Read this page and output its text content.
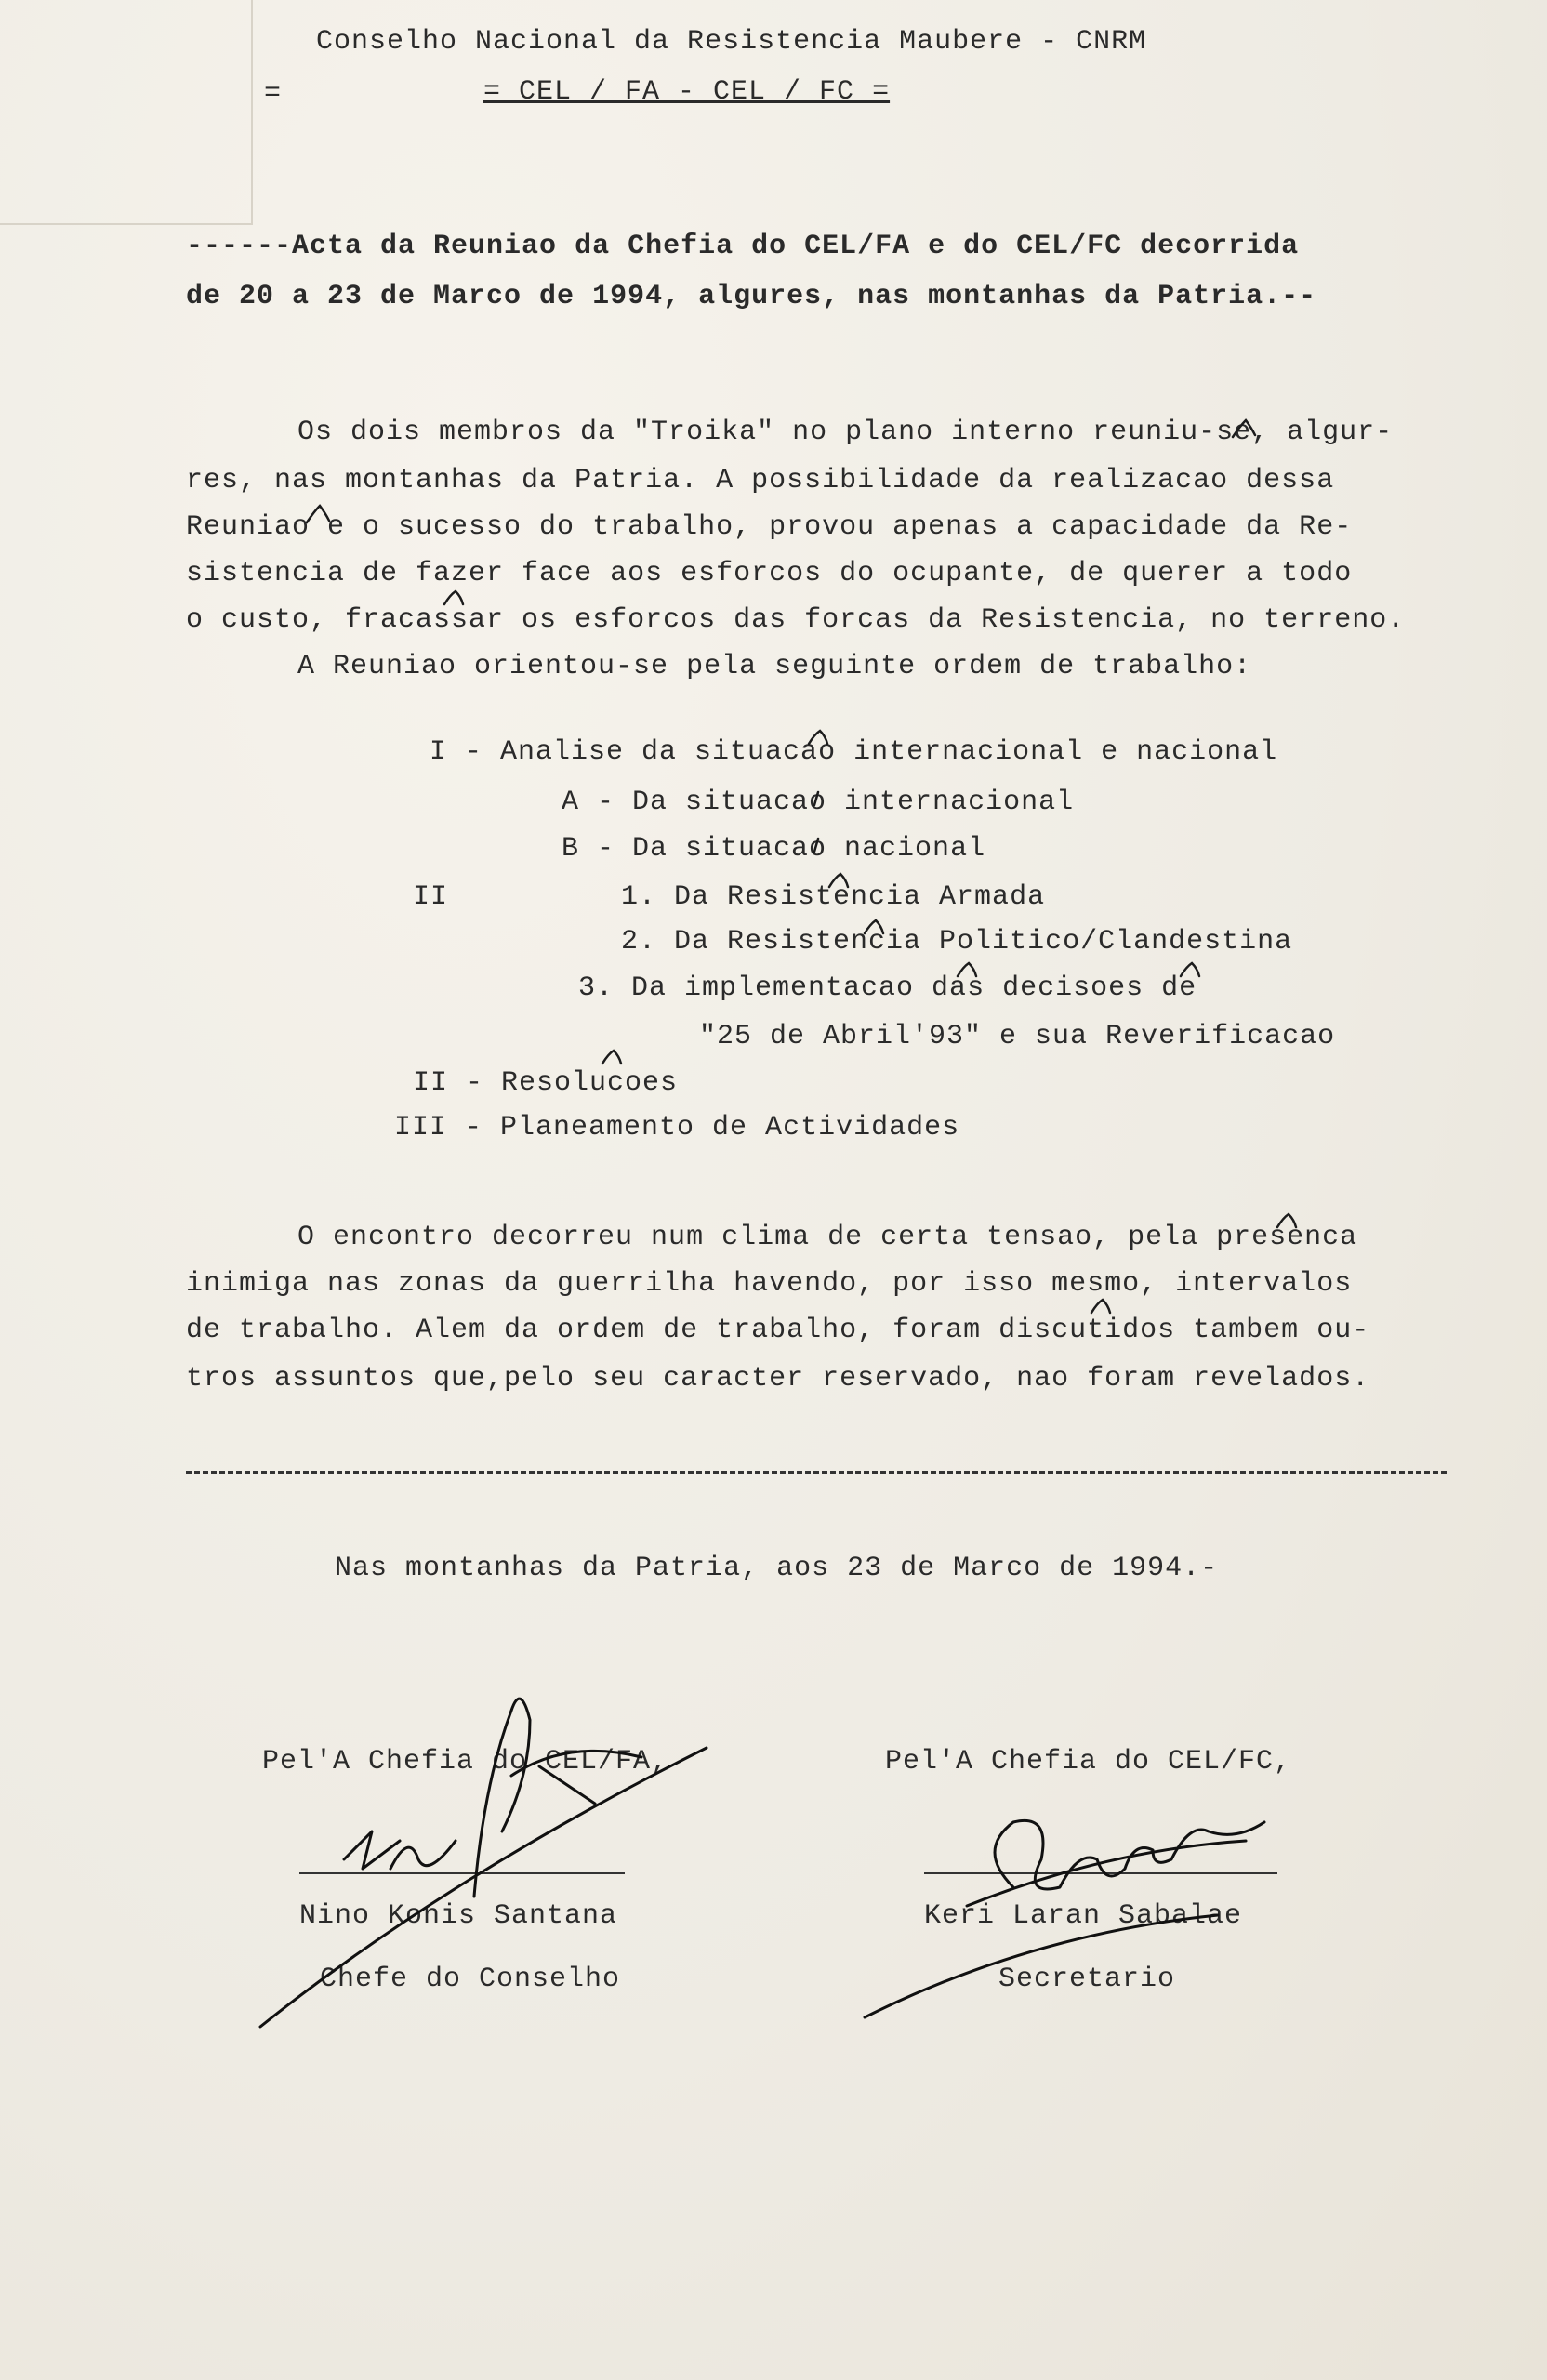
Conselho Nacional da Resistencia Maubere - CNRM
=	= CEL / FA - CEL / FC =
------Acta da Reuniao da Chefia do CEL/FA e do CEL/FC decorrida
de 20 a 23 de Marco de 1994, algures, nas montanhas da Patria.--
Os dois membros da "Troika" no plano interno reuniu-se, algur-
res, nas montanhas da Patria. A possibilidade da realizacao dessa
Reuniao e o sucesso do trabalho, provou apenas a capacidade da Re-
sistencia de fazer face aos esforcos do ocupante, de querer a todo
o custo, fracassar os esforcos das forcas da Resistencia, no terreno.
A Reuniao orientou-se pela seguinte ordem de trabalho:
I - Analise da situacao internacional e nacional
A - Da situacao internacional
B - Da situacao nacional
II	1. Da Resistencia Armada
2. Da Resistencia Politico/Clandestina
3. Da implementacao das decisoes de
"25 de Abril'93" e sua Reverificacao
II - Resolucoes
III - Planeamento de Actividades
O encontro decorreu num clima de certa tensao, pela presenca
inimiga nas zonas da guerrilha havendo, por isso mesmo, intervalos
de trabalho. Alem da ordem de trabalho, foram discutidos tambem ou-
tros assuntos que,pelo seu caracter reservado, nao foram revelados.
Nas montanhas da Patria, aos 23 de Marco de 1994.-
Pel'A Chefia do CEL/FA,	Pel'A Chefia do CEL/FC,
Nino Konis Santana
Chefe do Conselho
Keri Laran Sabalae
Secretario
